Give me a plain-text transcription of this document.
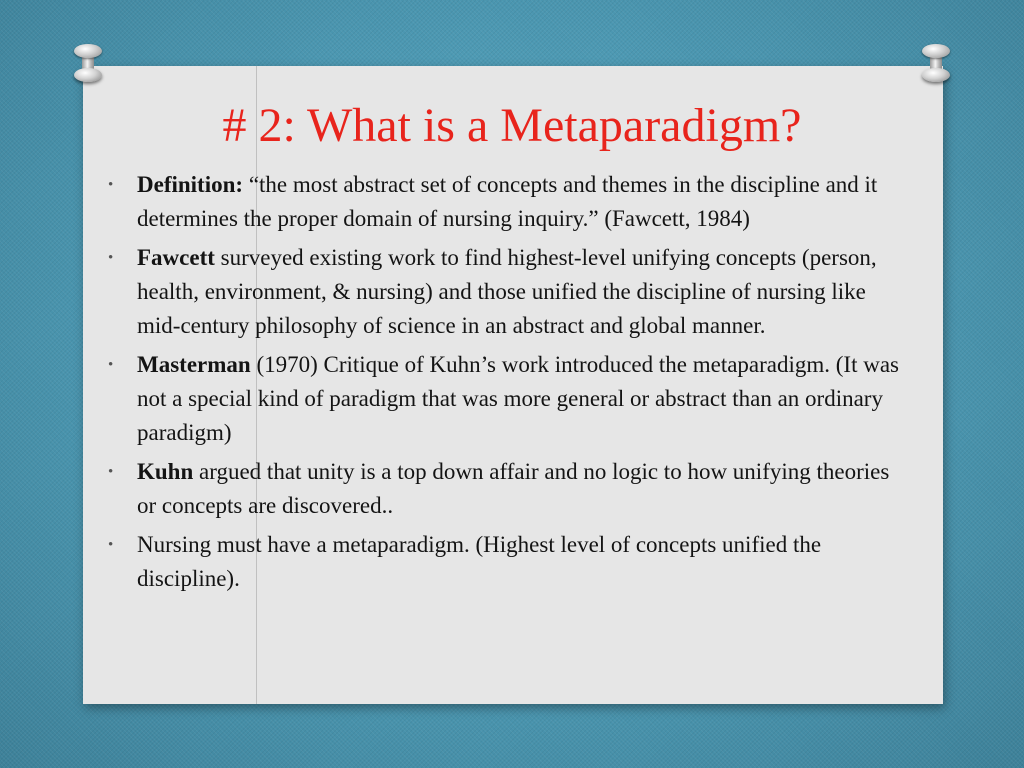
# 2: What is a Metaparadigm?
• Definition: “the most abstract set of concepts and themes in the discipline and it determines the proper domain of nursing inquiry.” (Fawcett, 1984)
• Fawcett surveyed existing work to find highest-level unifying concepts (person, health, environment, & nursing) and those unified the discipline of nursing like mid-century philosophy of science in an abstract and global manner.
• Masterman (1970) Critique of Kuhn’s work introduced the metaparadigm. (It was not a special kind of paradigm that was more general or abstract than an ordinary paradigm)
• Kuhn argued that unity is a top down affair and no logic to how unifying theories or concepts are discovered..
• Nursing must have a metaparadigm. (Highest level of concepts unified the discipline).
